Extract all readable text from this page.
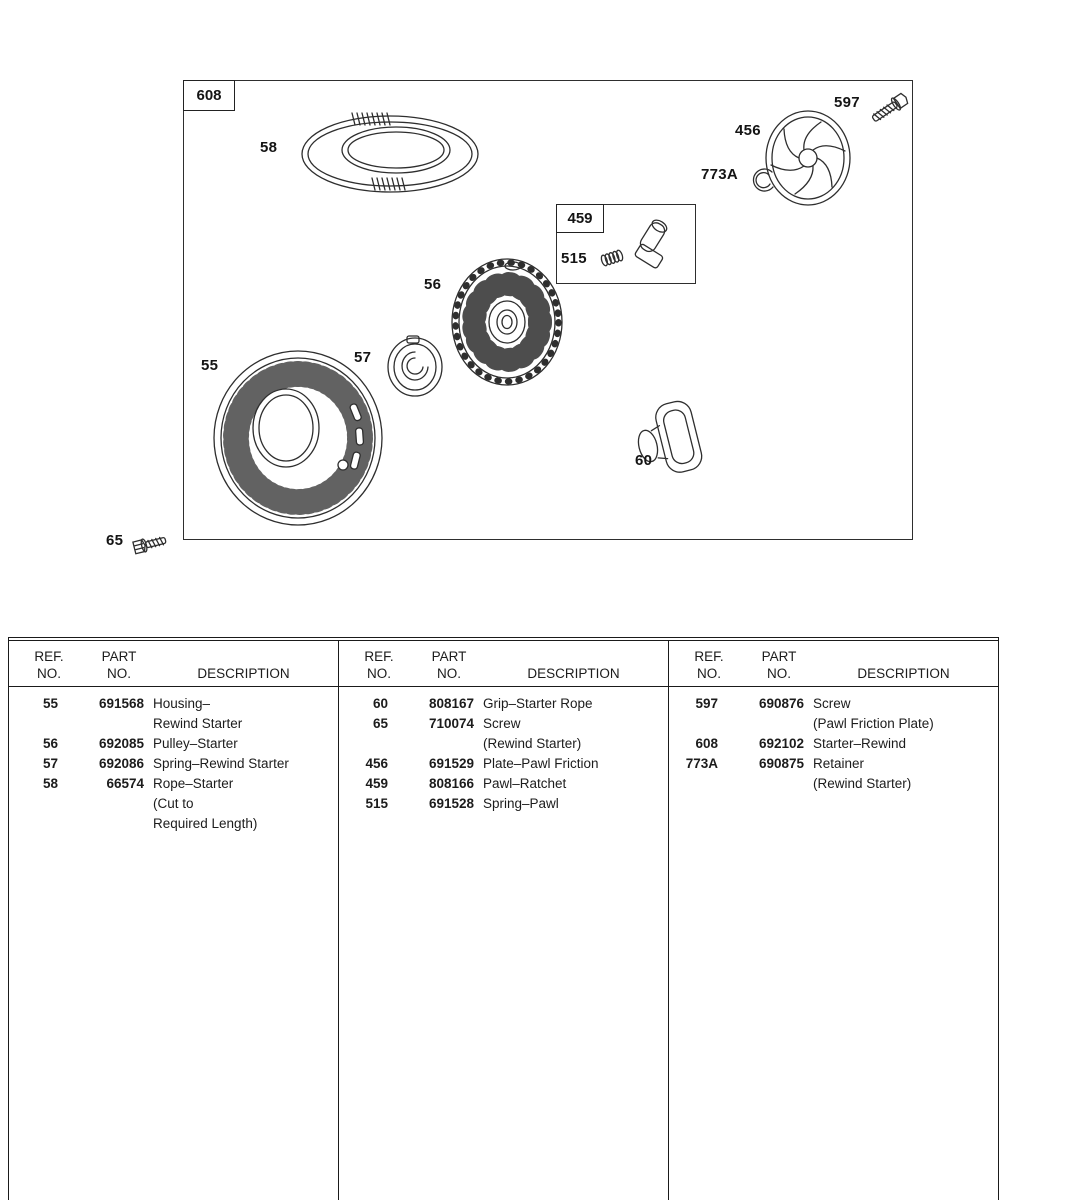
608
58
597
456
773A
459
515
56
57
55
60
65
REF.
NO.
PART
NO.	DESCRIPTION
55	691568 Housing–
Rewind Starter
56	692085 Pulley–Starter
57	692086 Spring–Rewind Starter
58	66574 Rope–Starter
(Cut to
Required Length)
REF.
NO.
PART
NO.	DESCRIPTION
60	808167 Grip–Starter Rope
65	710074 Screw
(Rewind Starter)
456	691529 Plate–Pawl Friction
459	808166 Pawl–Ratchet
515	691528 Spring–Pawl
REF.
NO.
PART
NO.	DESCRIPTION
597	690876 Screw
(Pawl Friction Plate)
608	692102 Starter–Rewind
773A	690875 Retainer
(Rewind Starter)
